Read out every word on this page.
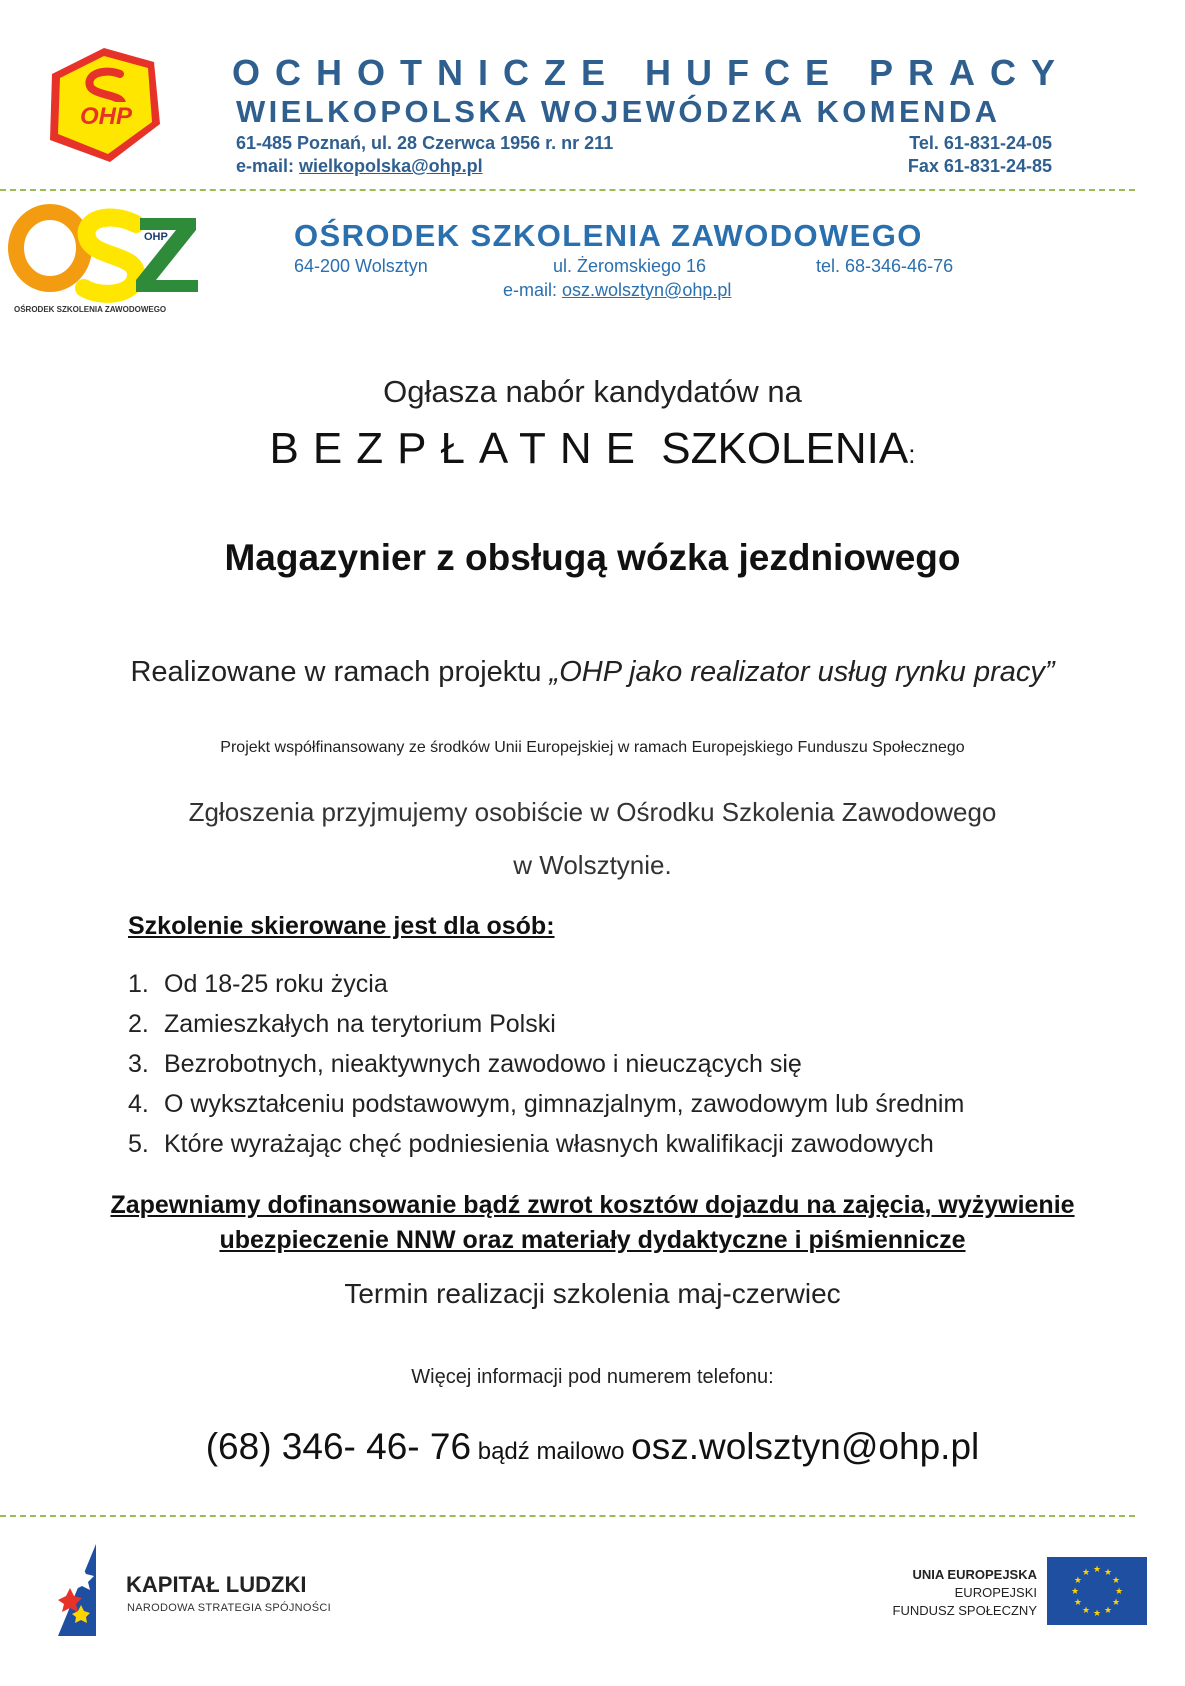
OHP
OCHOTNICZE HUFCE PRACY
WIELKOPOLSKA WOJEWÓDZKA KOMENDA
61-485 Poznań, ul. 28 Czerwca 1956 r. nr 211
e-mail: wielkopolska@ohp.pl
Tel. 61-831-24-05
Fax 61-831-24-85
OHP
OŚRODEK SZKOLENIA ZAWODOWEGO
OŚRODEK SZKOLENIA ZAWODOWEGO
64-200 Wolsztyn	ul. Żeromskiego 16	tel. 68-346-46-76
e-mail: osz.wolsztyn@ohp.pl
Ogłasza nabór kandydatów na
BEZPŁATNE SZKOLENIA:
Magazynier z obsługą wózka jezdniowego
Realizowane w ramach projektu „OHP jako realizator usług rynku pracy”
Projekt współfinansowany ze środków Unii Europejskiej w ramach Europejskiego Funduszu Społecznego
Zgłoszenia przyjmujemy osobiście w Ośrodku Szkolenia Zawodowego
w Wolsztynie.
Szkolenie skierowane jest dla osób:
1. Od 18-25 roku życia
2. Zamieszkałych na terytorium Polski
3. Bezrobotnych, nieaktywnych zawodowo i nieuczących się
4. O wykształceniu podstawowym, gimnazjalnym, zawodowym lub średnim
5. Które wyrażając chęć podniesienia własnych kwalifikacji zawodowych
Zapewniamy dofinansowanie bądź zwrot kosztów dojazdu na zajęcia, wyżywienie
ubezpieczenie NNW oraz materiały dydaktyczne i piśmiennicze
Termin realizacji szkolenia maj-czerwiec
Więcej informacji pod numerem telefonu:
(68) 346- 46- 76 bądź mailowo osz.wolsztyn@ohp.pl
KAPITAŁ LUDZKI
NARODOWA STRATEGIA SPÓJNOŚCI
UNIA EUROPEJSKA
EUROPEJSKI
FUNDUSZ SPOŁECZNY
★ ★
★
★
★
★
★
★
★
★
★
★
